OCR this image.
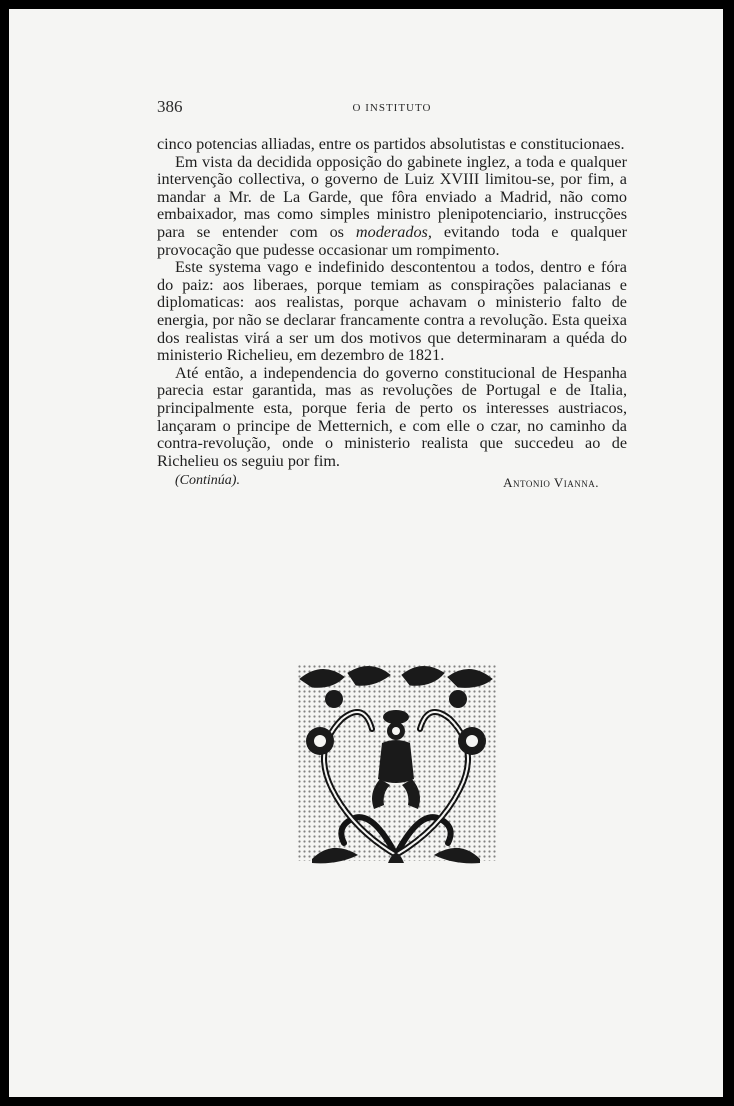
386	O INSTITUTO

cinco potencias alliadas, entre os partidos absolutistas e constitucionaes.

Em vista da decidida opposição do gabinete inglez, a toda e qualquer intervenção collectiva, o governo de Luiz XVIII limitou-se, por fim, a mandar a Mr. de La Garde, que fôra enviado a Madrid, não como embaixador, mas como simples ministro plenipotenciario, instrucções para se entender com os moderados, evitando toda e qualquer provocação que pudesse occasionar um rompimento.

Este systema vago e indefinido descontentou a todos, dentro e fóra do paiz: aos liberaes, porque temiam as conspirações palacianas e diplomaticas: aos realistas, porque achavam o ministerio falto de energia, por não se declarar francamente contra a revolução. Esta queixa dos realistas virá a ser um dos motivos que determinaram a quéda do ministerio Richelieu, em dezembro de 1821.

Até então, a independencia do governo constitucional de Hespanha parecia estar garantida, mas as revoluções de Portugal e de Italia, principalmente esta, porque feria de perto os interesses austriacos, lançaram o principe de Metternich, e com elle o czar, no caminho da contra-revolução, onde o ministerio realista que succedeu ao de Richelieu os seguiu por fim.

(Continúa).	Antonio Vianna.
